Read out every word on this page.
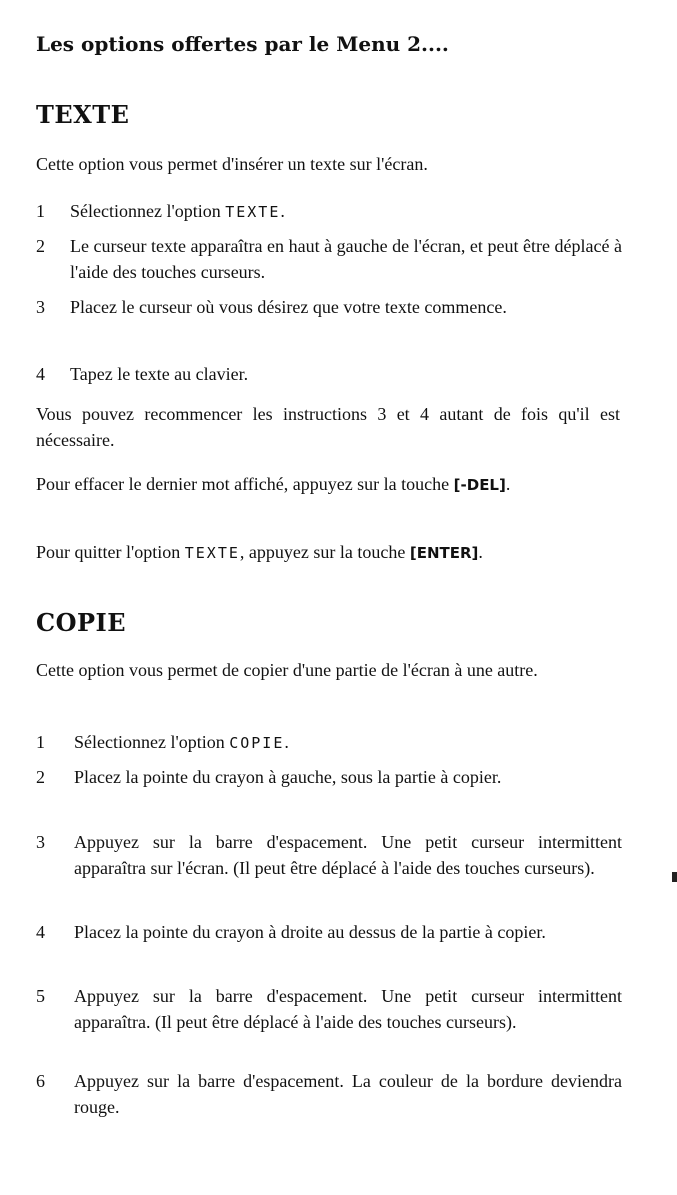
Les options offertes par le Menu 2....
TEXTE

Cette option vous permet d'insérer un texte sur l'écran.

1	Sélectionnez l'option TEXTE.
2	Le curseur texte apparaîtra en haut à gauche de l'écran, et peut être déplacé à l'aide des touches curseurs.
3	Placez le curseur où vous désirez que votre texte commence.
4	Tapez le texte au clavier.

Vous pouvez recommencer les instructions 3 et 4 autant de fois qu'il est nécessaire.

Pour effacer le dernier mot affiché, appuyez sur la touche [-DEL].

Pour quitter l'option TEXTE, appuyez sur la touche [ENTER].

COPIE

Cette option vous permet de copier d'une partie de l'écran à une autre.

1	Sélectionnez l'option COPIE.
2	Placez la pointe du crayon à gauche, sous la partie à copier.
3	Appuyez sur la barre d'espacement. Une petit curseur intermittent apparaîtra sur l'écran. (Il peut être déplacé à l'aide des touches curseurs).
4	Placez la pointe du crayon à droite au dessus de la partie à copier.
5	Appuyez sur la barre d'espacement. Une petit curseur intermittent apparaîtra. (Il peut être déplacé à l'aide des touches curseurs).
6	Appuyez sur la barre d'espacement. La couleur de la bordure deviendra rouge.
